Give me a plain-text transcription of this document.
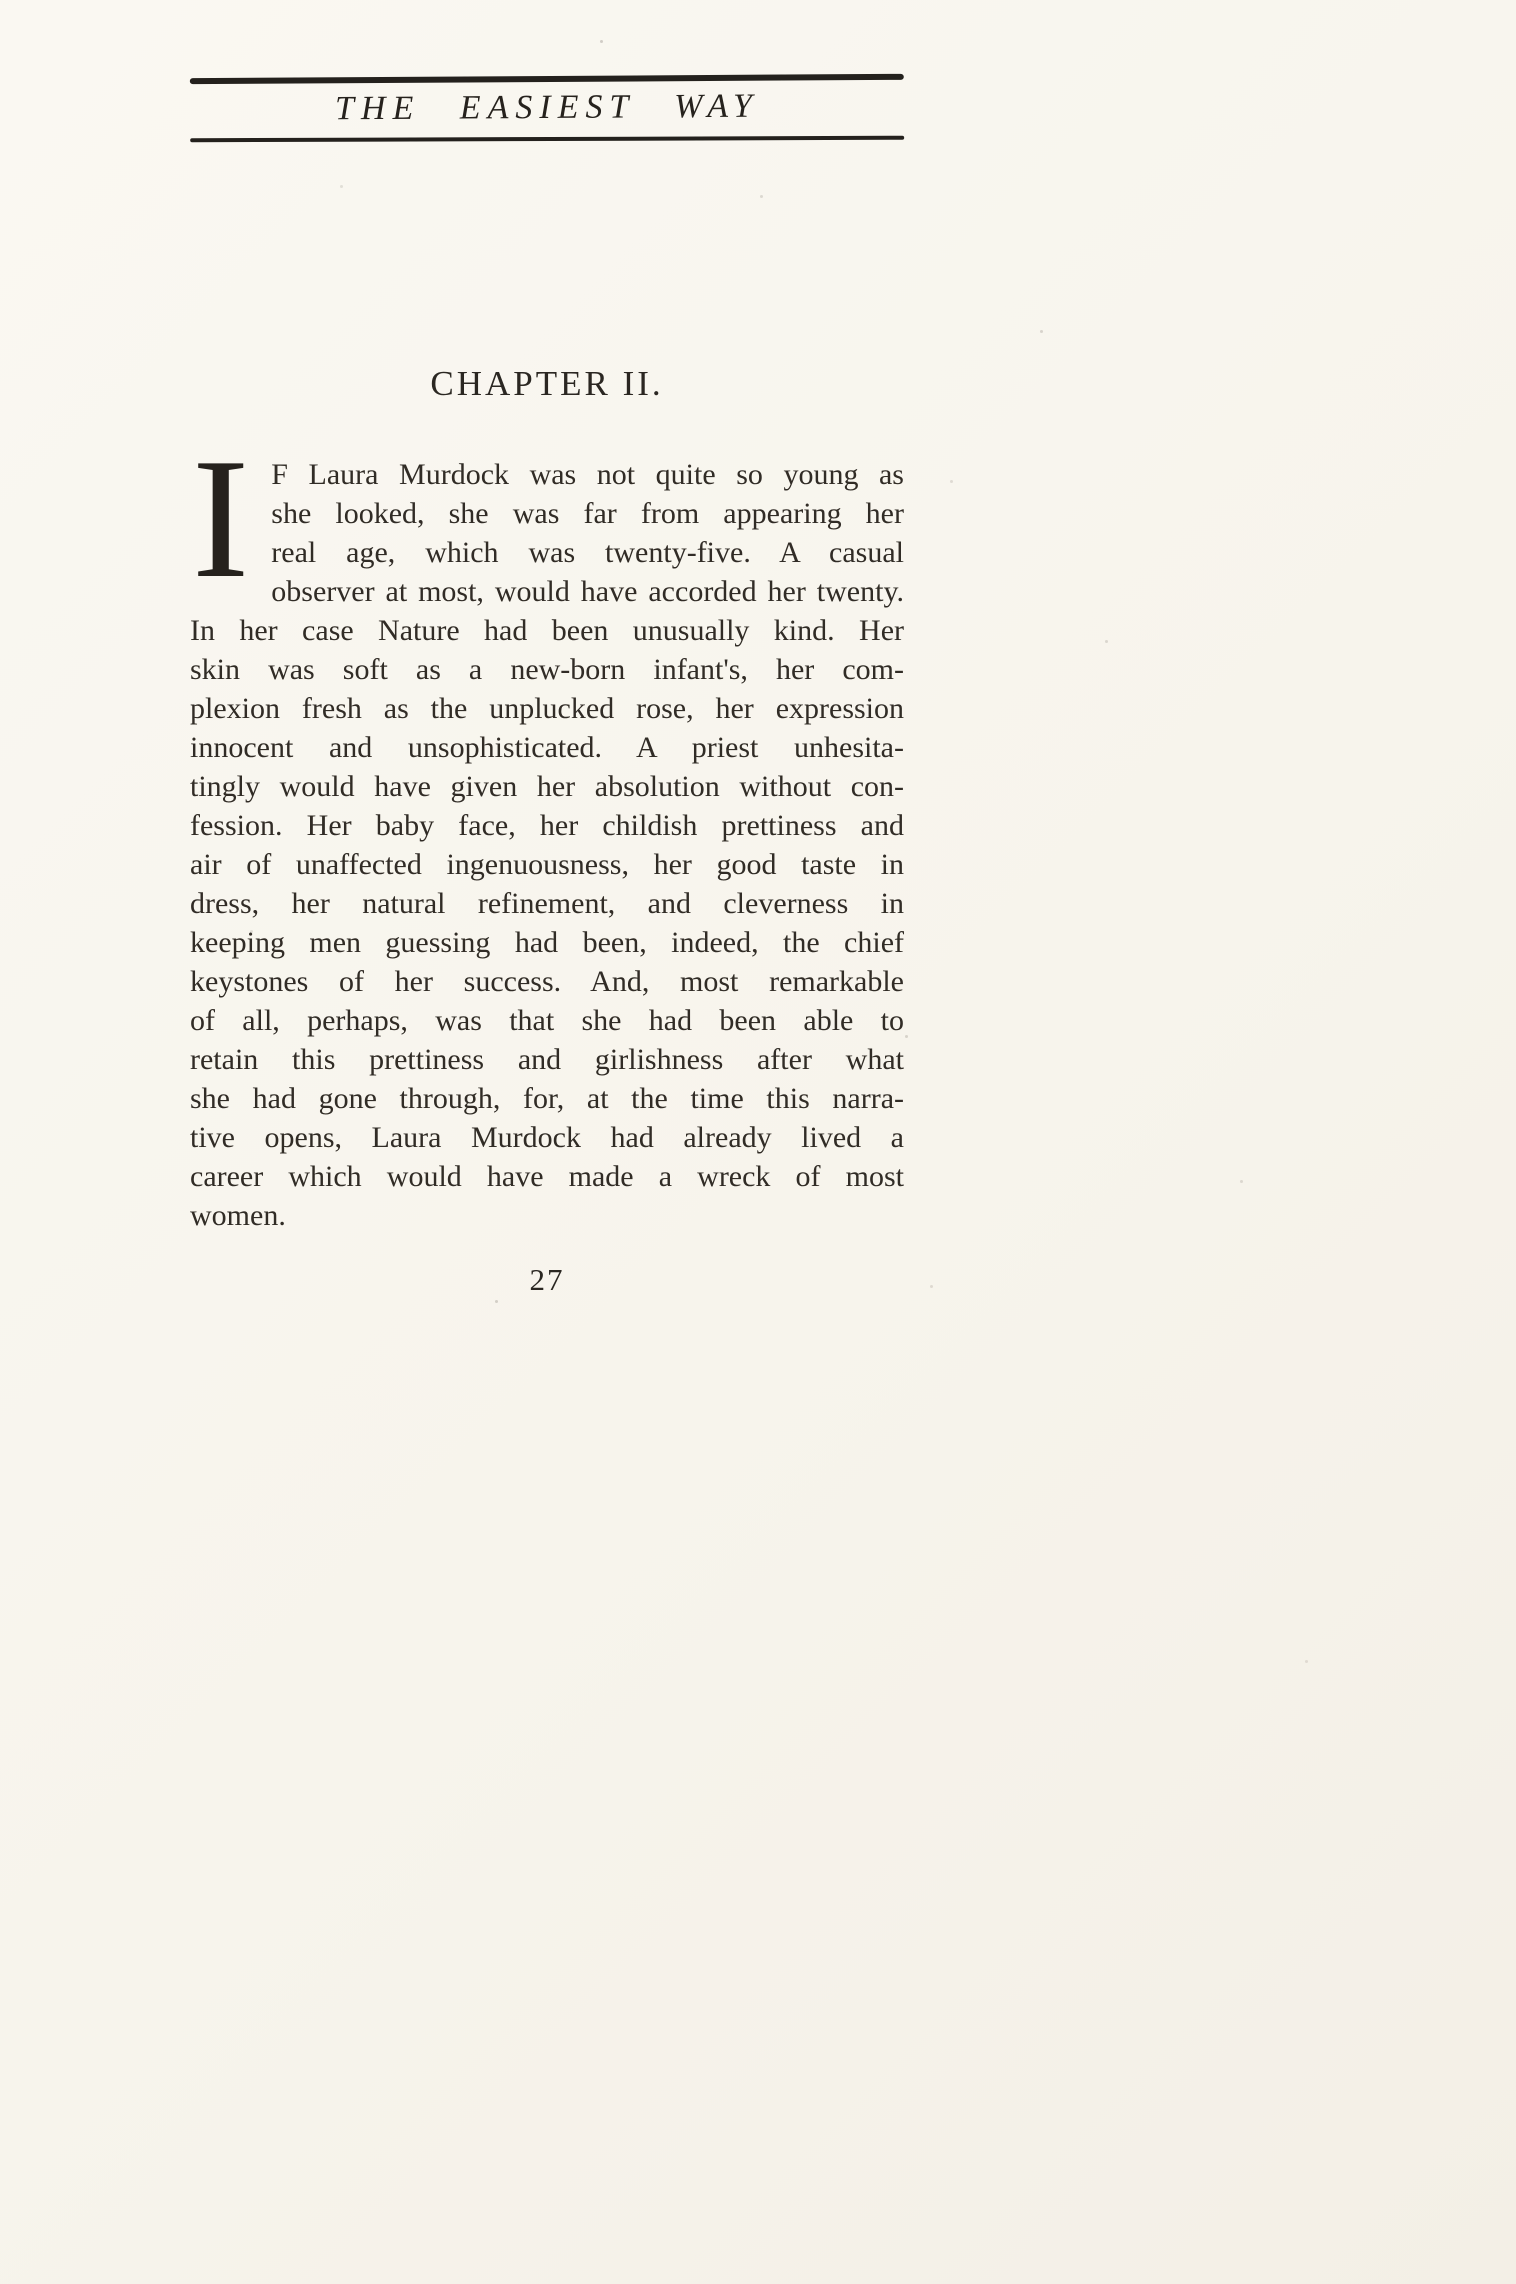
THE EASIEST WAY
CHAPTER II.
I F Laura Murdock was not quite so young as
she looked, she was far from appearing her
real age, which was twenty-five. A casual
observer at most, would have accorded her twenty.
In her case Nature had been unusually kind. Her
skin was soft as a new-born infant's, her com-
plexion fresh as the unplucked rose, her expression
innocent and unsophisticated. A priest unhesita-
tingly would have given her absolution without con-
fession. Her baby face, her childish prettiness and
air of unaffected ingenuousness, her good taste in
dress, her natural refinement, and cleverness in
keeping men guessing had been, indeed, the chief
keystones of her success. And, most remarkable
of all, perhaps, was that she had been able to
retain this prettiness and girlishness after what
she had gone through, for, at the time this narra-
tive opens, Laura Murdock had already lived a
career which would have made a wreck of most
women.
27
